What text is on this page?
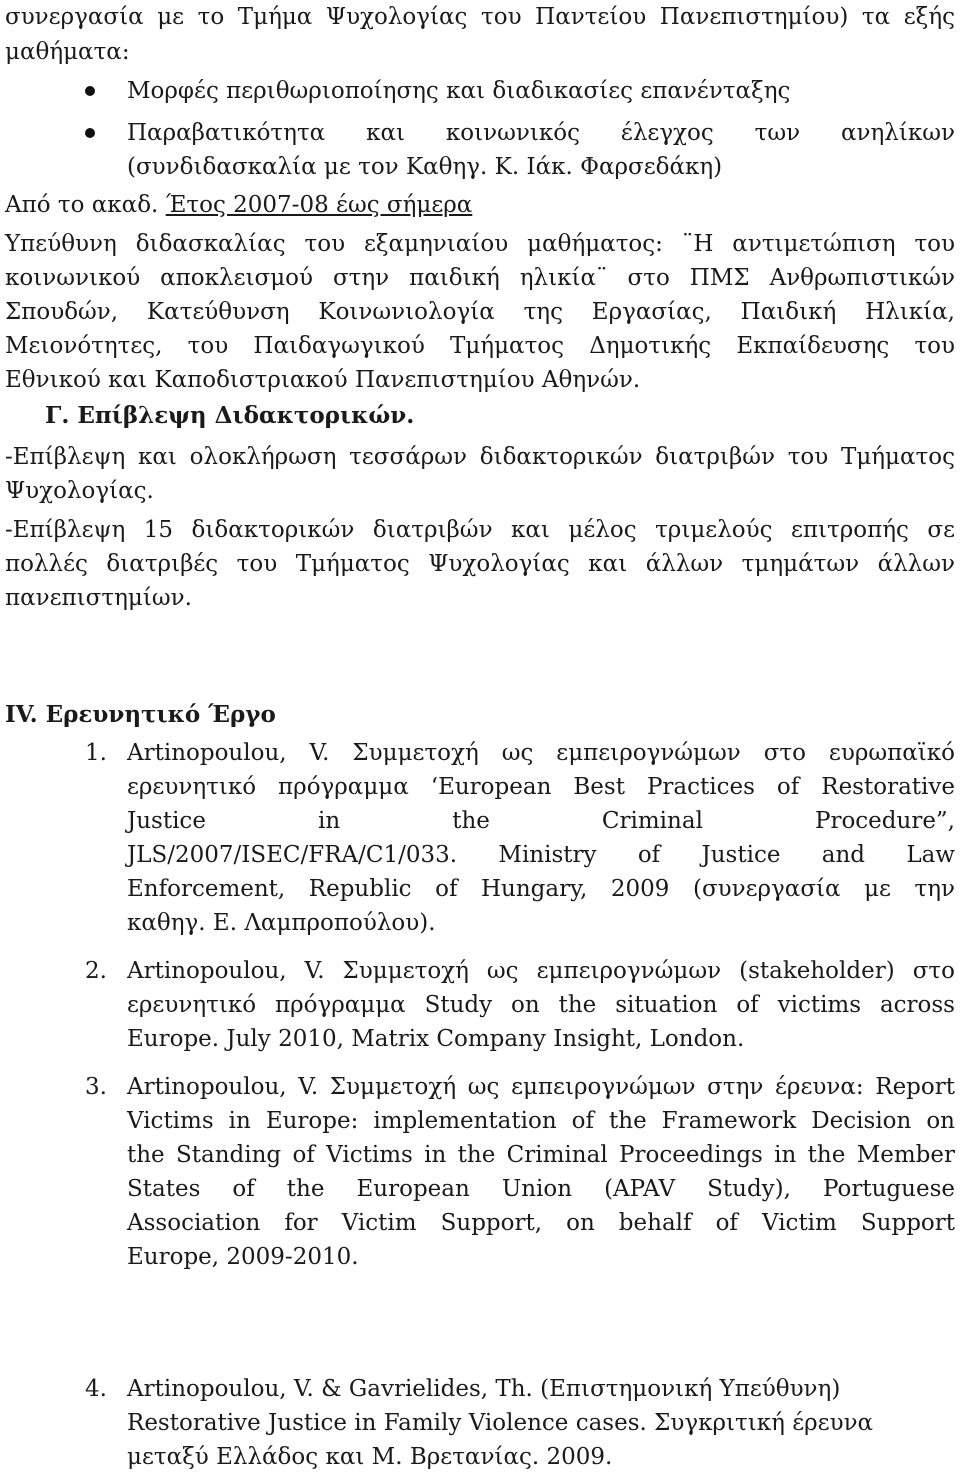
συνεργασία με το Τμήμα Ψυχολογίας του Παντείου Πανεπιστημίου) τα εξής
μαθήματα:
Μορφές περιθωριοποίησης και διαδικασίες επανένταξης
Παραβατικότητα και κοινωνικός έλεγχος των ανηλίκων
(συνδιδασκαλία με τον Καθηγ. Κ. Ιάκ. Φαρσεδάκη)
Από το ακαδ. Έτος 2007-08 έως σήμερα
Υπεύθυνη διδασκαλίας του εξαμηνιαίου μαθήματος: ¨Η αντιμετώπιση του
κοινωνικού αποκλεισμού στην παιδική ηλικία¨ στο ΠΜΣ Ανθρωπιστικών
Σπουδών, Κατεύθυνση Κοινωνιολογία της Εργασίας, Παιδική Ηλικία,
Μειονότητες, του Παιδαγωγικού Τμήματος Δημοτικής Εκπαίδευσης του
Εθνικού και Καποδιστριακού Πανεπιστημίου Αθηνών.
Γ. Επίβλεψη Διδακτορικών.
-Επίβλεψη και ολοκλήρωση τεσσάρων διδακτορικών διατριβών του Τμήματος
Ψυχολογίας.
-Επίβλεψη 15 διδακτορικών διατριβών και μέλος τριμελούς επιτροπής σε
πολλές διατριβές του Τμήματος Ψυχολογίας και άλλων τμημάτων άλλων
πανεπιστημίων.
IV. Ερευνητικό Έργο
1. Artinopoulou, V. Συμμετοχή ως εμπειρογνώμων στο ευρωπαϊκό
ερευνητικό πρόγραμμα ‘European Best Practices of Restorative
Justice in the Criminal Procedure”,
JLS/2007/ISEC/FRA/C1/033. Ministry of Justice and Law
Enforcement, Republic of Hungary, 2009 (συνεργασία με την
καθηγ. Ε. Λαμπροπούλου).
2. Artinopoulou, V. Συμμετοχή ως εμπειρογνώμων (stakeholder) στο
ερευνητικό πρόγραμμα Study on the situation of victims across
Europe. July 2010, Matrix Company Insight, London.
3. Artinopoulou, V. Συμμετοχή ως εμπειρογνώμων στην έρευνα: Report
Victims in Europe: implementation of the Framework Decision on
the Standing of Victims in the Criminal Proceedings in the Member
States of the European Union (APAV Study), Portuguese
Association for Victim Support, on behalf of Victim Support
Europe, 2009-2010.
4. Artinopoulou, V. & Gavrielides, Th. (Επιστημονική Υπεύθυνη)
Restorative Justice in Family Violence cases. Συγκριτική έρευνα
μεταξύ Ελλάδος και Μ. Βρετανίας. 2009.
